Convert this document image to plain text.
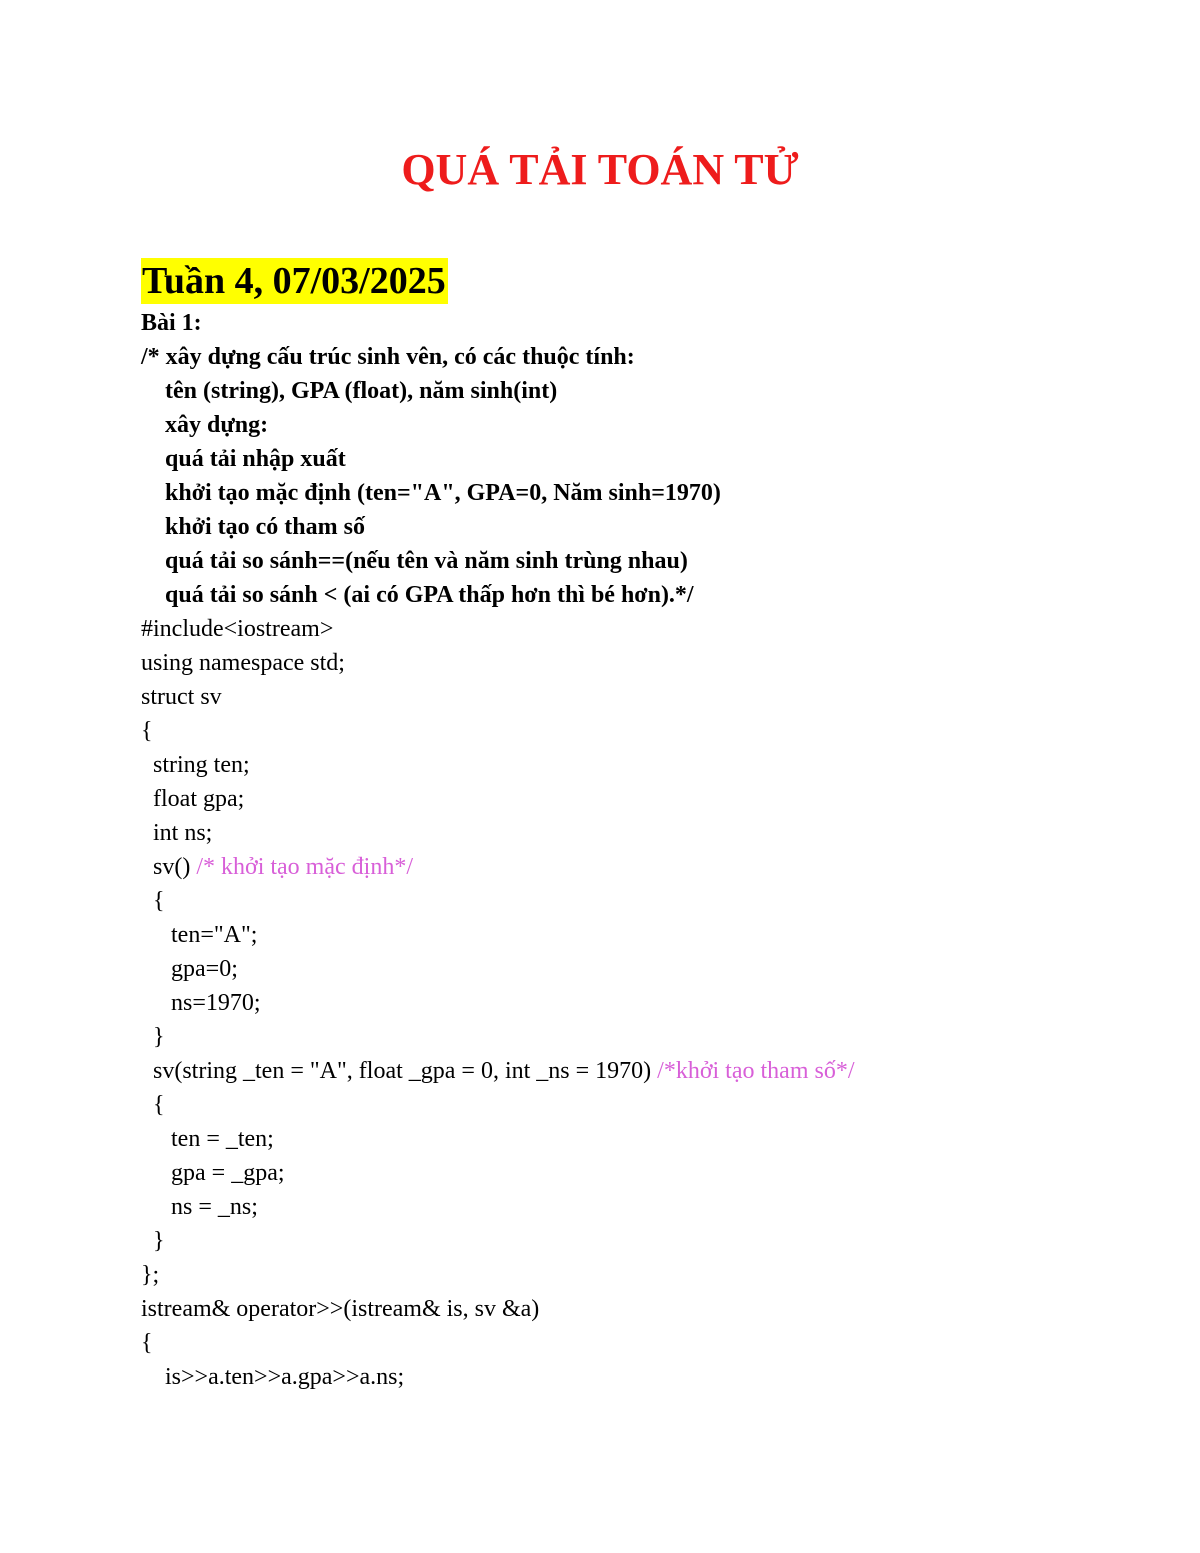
QUÁ TẢI TOÁN TỬ
Tuần 4, 07/03/2025
Bài 1:
/* xây dựng cấu trúc sinh vên, có các thuộc tính:
tên (string), GPA (float), năm sinh(int)
xây dựng:
quá tải nhập xuất
khởi tạo mặc định (ten="A", GPA=0, Năm sinh=1970)
khởi tạo có tham số
quá tải so sánh==(nếu tên và năm sinh trùng nhau)
quá tải so sánh < (ai có GPA thấp hơn thì bé hơn).*/
#include<iostream>
using namespace std;
struct sv
{
string ten;
float gpa;
int ns;
sv() /* khởi tạo mặc định*/
{
ten="A";
gpa=0;
ns=1970;
}
sv(string _ten = "A", float _gpa = 0, int _ns = 1970) /*khởi tạo tham số*/
{
ten = _ten;
gpa = _gpa;
ns = _ns;
}
};
istream& operator>>(istream& is, sv &a)
{
is>>a.ten>>a.gpa>>a.ns;
